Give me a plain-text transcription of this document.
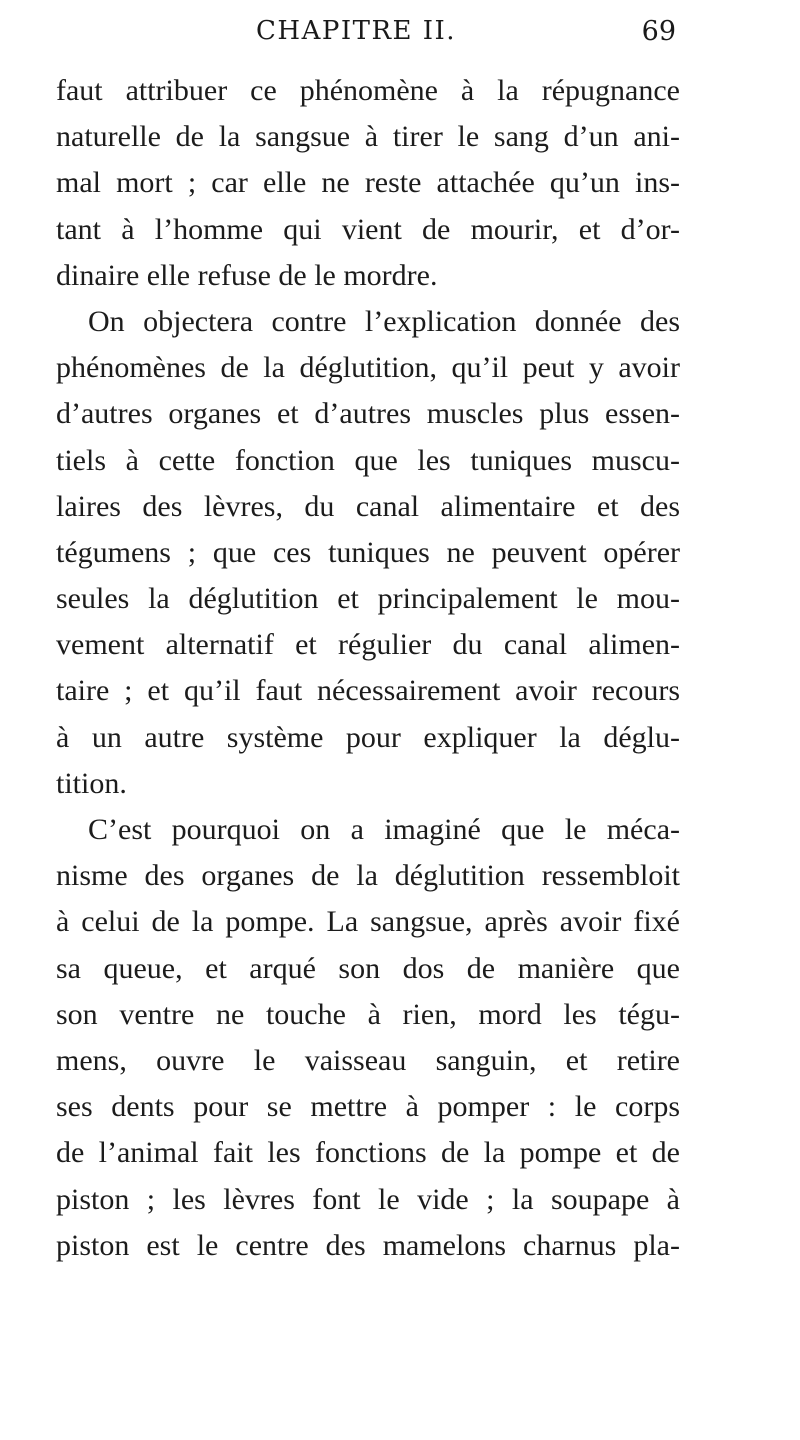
CHAPITRE II.	69
faut attribuer ce phénomène à la répugnance
naturelle de la sangsue à tirer le sang d’un ani-
mal mort ; car elle ne reste attachée qu’un ins-
tant à l’homme qui vient de mourir, et d’or-
dinaire elle refuse de le mordre.
On objectera contre l’explication donnée des
phénomènes de la déglutition, qu’il peut y avoir
d’autres organes et d’autres muscles plus essen-
tiels à cette fonction que les tuniques muscu-
laires des lèvres, du canal alimentaire et des
tégumens ; que ces tuniques ne peuvent opérer
seules la déglutition et principalement le mou-
vement alternatif et régulier du canal alimen-
taire ; et qu’il faut nécessairement avoir recours
à un autre système pour expliquer la déglu-
tition.
C’est pourquoi on a imaginé que le méca-
nisme des organes de la déglutition ressembloit
à celui de la pompe. La sangsue, après avoir fixé
sa queue, et arqué son dos de manière que
son ventre ne touche à rien, mord les tégu-
mens, ouvre le vaisseau sanguin, et retire
ses dents pour se mettre à pomper : le corps
de l’animal fait les fonctions de la pompe et de
piston ; les lèvres font le vide ; la soupape à
piston est le centre des mamelons charnus pla-
